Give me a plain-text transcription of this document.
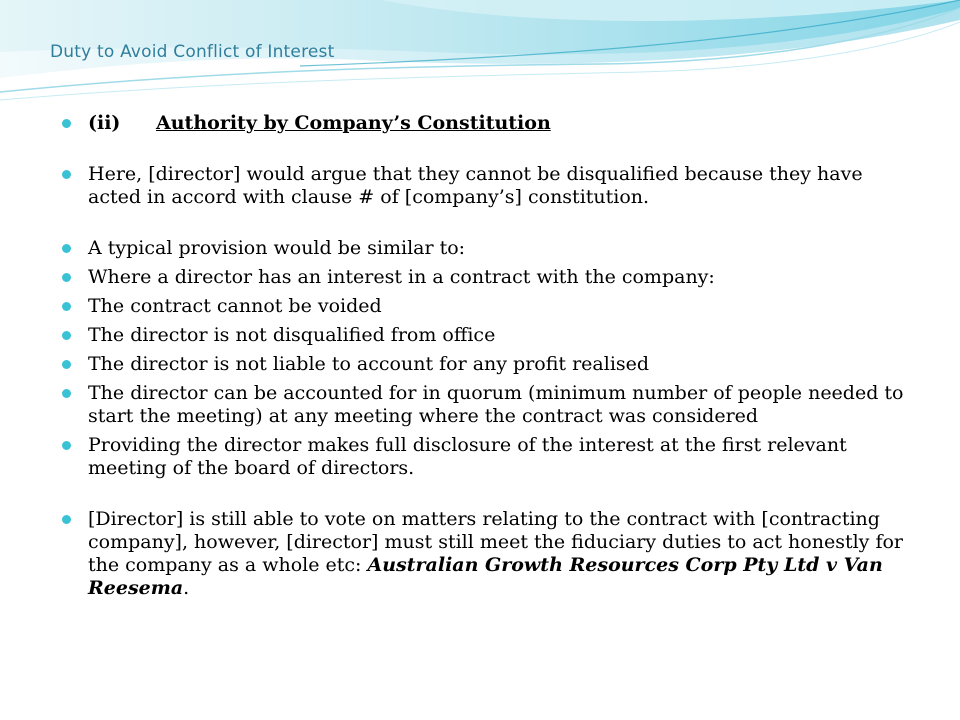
Duty to Avoid Conflict of Interest
(ii) Authority by Company’s Constitution
Here, [director] would argue that they cannot be disqualified because they have acted in accord with clause # of [company’s] constitution.
A typical provision would be similar to:
Where a director has an interest in a contract with the company:
The contract cannot be voided
The director is not disqualified from office
The director is not liable to account for any profit realised
The director can be accounted for in quorum (minimum number of people needed to start the meeting) at any meeting where the contract was considered
Providing the director makes full disclosure of the interest at the first relevant meeting of the board of directors.
[Director] is still able to vote on matters relating to the contract with [contracting company], however, [director] must still meet the fiduciary duties to act honestly for the company as a whole etc: Australian Growth Resources Corp Pty Ltd v Van Reesema.
